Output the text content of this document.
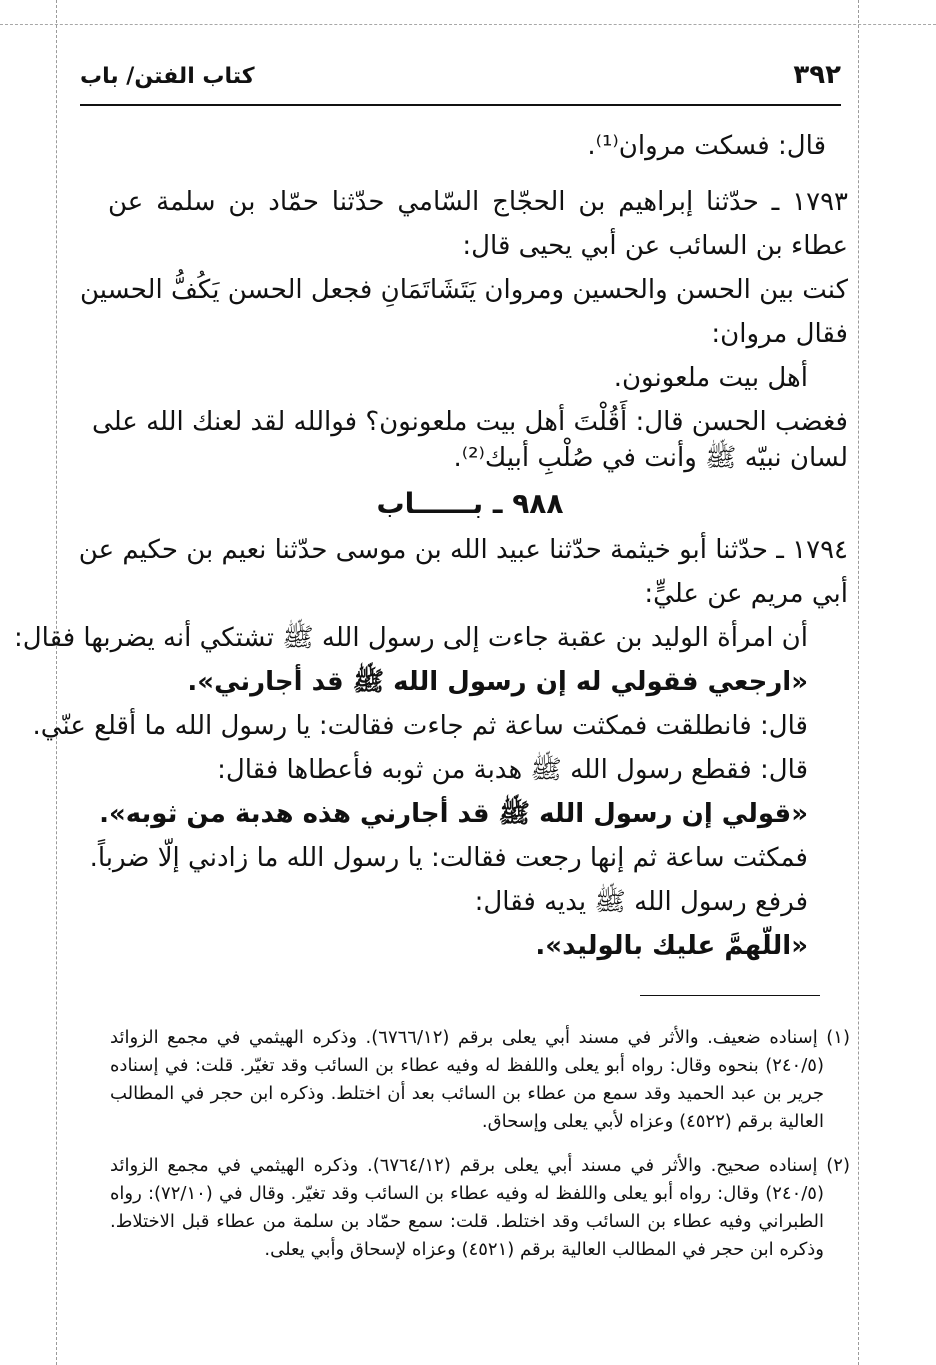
٣٩٢
كتاب الفتن/ باب
قال: فسكت مروان⁽¹⁾.
١٧٩٣ ـ حدّثنا إبراهيم بن الحجّاج السّامي حدّثنا حمّاد بن سلمة عن
عطاء بن السائب عن أبي يحيى قال:
كنت بين الحسن والحسين ومروان يَتَشَاتَمَانِ فجعل الحسن يَكُفُّ الحسين
فقال مروان:
أهل بيت ملعونون.
فغضب الحسن قال: أَقُلْتَ أهل بيت ملعونون؟ فوالله لقد لعنك الله على
لسان نبيّه ﷺ وأنت في صُلْبِ أبيك⁽²⁾.
٩٨٨ ـ بــــــاب
١٧٩٤ ـ حدّثنا أبو خيثمة حدّثنا عبيد الله بن موسى حدّثنا نعيم بن حكيم عن
أبي مريم عن عليٍّ:
أن امرأة الوليد بن عقبة جاءت إلى رسول الله ﷺ تشتكي أنه يضربها فقال:
«ارجعي فقولي له إن رسول الله ﷺ قد أجارني».
قال: فانطلقت فمكثت ساعة ثم جاءت فقالت: يا رسول الله ما أقلع عنّي.
قال: فقطع رسول الله ﷺ هدبة من ثوبه فأعطاها فقال:
«قولي إن رسول الله ﷺ قد أجارني هذه هدبة من ثوبه».
فمكثت ساعة ثم إنها رجعت فقالت: يا رسول الله ما زادني إلّا ضرباً.
فرفع رسول الله ﷺ يديه فقال:
«اللّهمَّ عليك بالوليد».
(١) إسناده ضعيف. والأثر في مسند أبي يعلى برقم (٦٧٦٦/١٢). وذكره الهيثمي في مجمع الزوائد
(٢٤٠/٥) بنحوه وقال: رواه أبو يعلى واللفظ له وفيه عطاء بن السائب وقد تغيّر. قلت: في إسناده
جرير بن عبد الحميد وقد سمع من عطاء بن السائب بعد أن اختلط. وذكره ابن حجر في المطالب
العالية برقم (٤٥٢٢) وعزاه لأبي يعلى وإسحاق.
(٢) إسناده صحيح. والأثر في مسند أبي يعلى برقم (٦٧٦٤/١٢). وذكره الهيثمي في مجمع الزوائد
(٢٤٠/٥) وقال: رواه أبو يعلى واللفظ له وفيه عطاء بن السائب وقد تغيّر. وقال في (٧٢/١٠): رواه
الطبراني وفيه عطاء بن السائب وقد اختلط. قلت: سمع حمّاد بن سلمة من عطاء قبل الاختلاط.
وذكره ابن حجر في المطالب العالية برقم (٤٥٢١) وعزاه لإسحاق وأبي يعلى.
